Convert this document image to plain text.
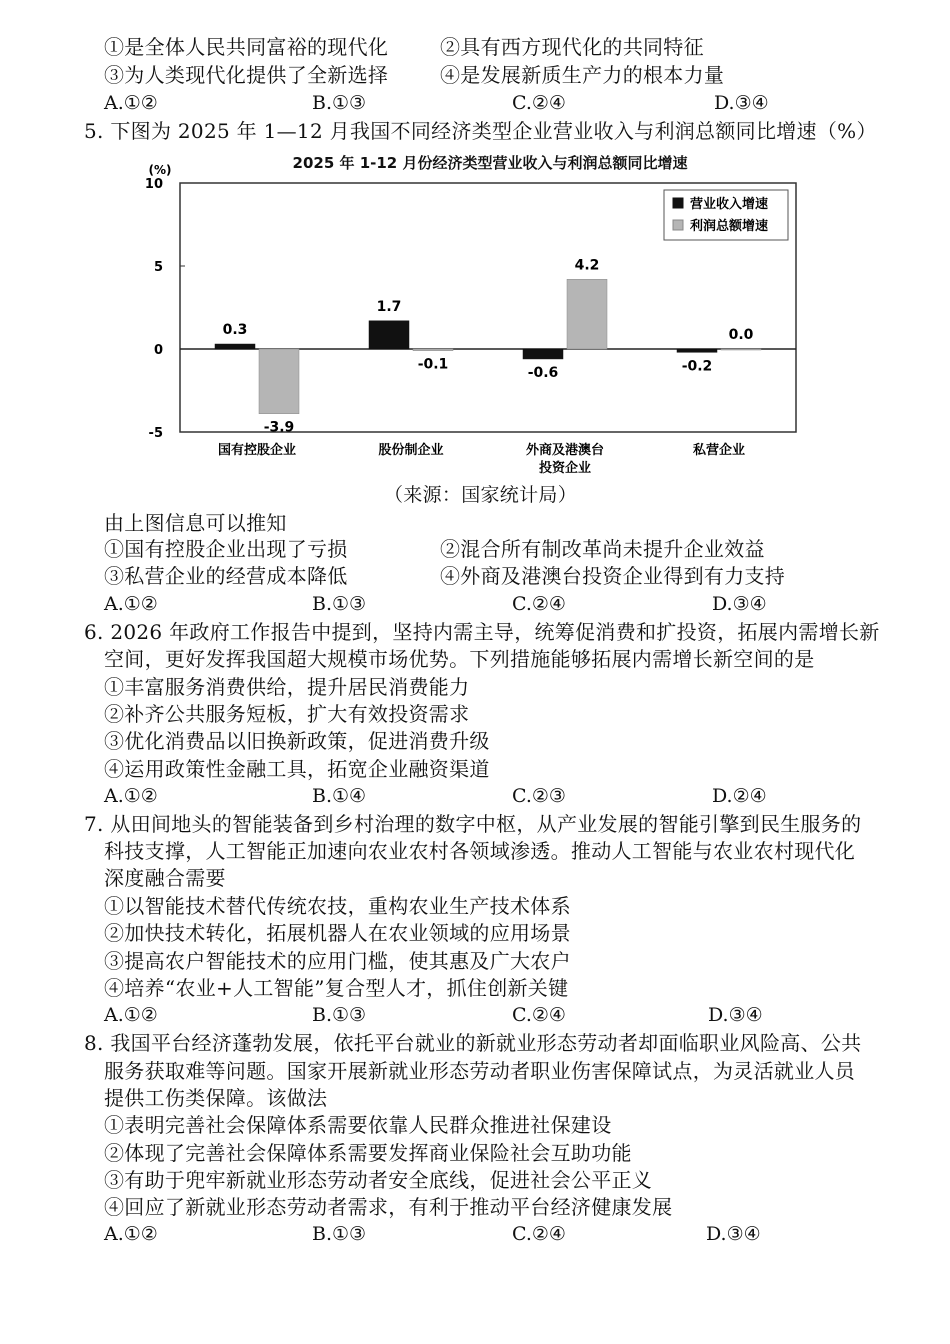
①是全体人民共同富裕的现代化	②具有西方现代化的共同特征
③为人类现代化提供了全新选择	④是发展新质生产力的根本力量
A.①②	B.①③	C.②④	D.③④
5. 下图为 2025 年 1—12 月我国不同经济类型企业营业收入与利润总额同比增速（%）
2025 年 1-12 月份经济类型营业收入与利润总额同比增速
(%)
10
5
0
-5
0.3
-3.9
国有控股企业
1.7
-0.1
股份制企业
-0.6
4.2
外商及港澳台
投资企业
-0.2
0.0
私营企业
营业收入增速
利润总额增速
（来源：国家统计局）
由上图信息可以推知
①国有控股企业出现了亏损	②混合所有制改革尚未提升企业效益
③私营企业的经营成本降低	④外商及港澳台投资企业得到有力支持
A.①②	B.①③	C.②④	D.③④
6. 2026 年政府工作报告中提到，坚持内需主导，统筹促消费和扩投资，拓展内需增长新
空间，更好发挥我国超大规模市场优势。下列措施能够拓展内需增长新空间的是
①丰富服务消费供给，提升居民消费能力
②补齐公共服务短板，扩大有效投资需求
③优化消费品以旧换新政策，促进消费升级
④运用政策性金融工具，拓宽企业融资渠道
A.①②	B.①④	C.②③	D.②④
7. 从田间地头的智能装备到乡村治理的数字中枢，从产业发展的智能引擎到民生服务的
科技支撑，人工智能正加速向农业农村各领域渗透。推动人工智能与农业农村现代化
深度融合需要
①以智能技术替代传统农技，重构农业生产技术体系
②加快技术转化，拓展机器人在农业领域的应用场景
③提高农户智能技术的应用门槛，使其惠及广大农户
④培养“农业+人工智能”复合型人才，抓住创新关键
A.①②	B.①③	C.②④	D.③④
8. 我国平台经济蓬勃发展，依托平台就业的新就业形态劳动者却面临职业风险高、公共
服务获取难等问题。国家开展新就业形态劳动者职业伤害保障试点，为灵活就业人员
提供工伤类保障。该做法
①表明完善社会保障体系需要依靠人民群众推进社保建设
②体现了完善社会保障体系需要发挥商业保险社会互助功能
③有助于兜牢新就业形态劳动者安全底线，促进社会公平正义
④回应了新就业形态劳动者需求，有利于推动平台经济健康发展
A.①②	B.①③	C.②④	D.③④
